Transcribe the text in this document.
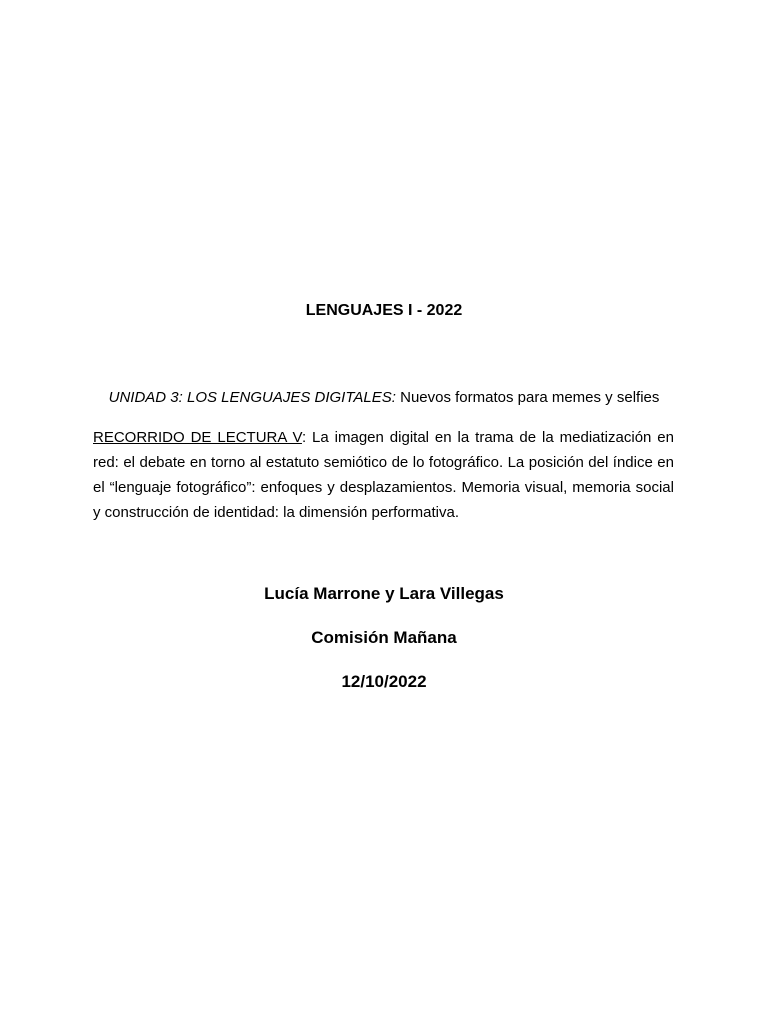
LENGUAJES I - 2022

UNIDAD 3: LOS LENGUAJES DIGITALES: Nuevos formatos para memes y selfies

RECORRIDO DE LECTURA V: La imagen digital en la trama de la mediatización en red: el debate en torno al estatuto semiótico de lo fotográfico. La posición del índice en el “lenguaje fotográfico”: enfoques y desplazamientos. Memoria visual, memoria social y construcción de identidad: la dimensión performativa.

Lucía Marrone y Lara Villegas

Comisión Mañana

12/10/2022
